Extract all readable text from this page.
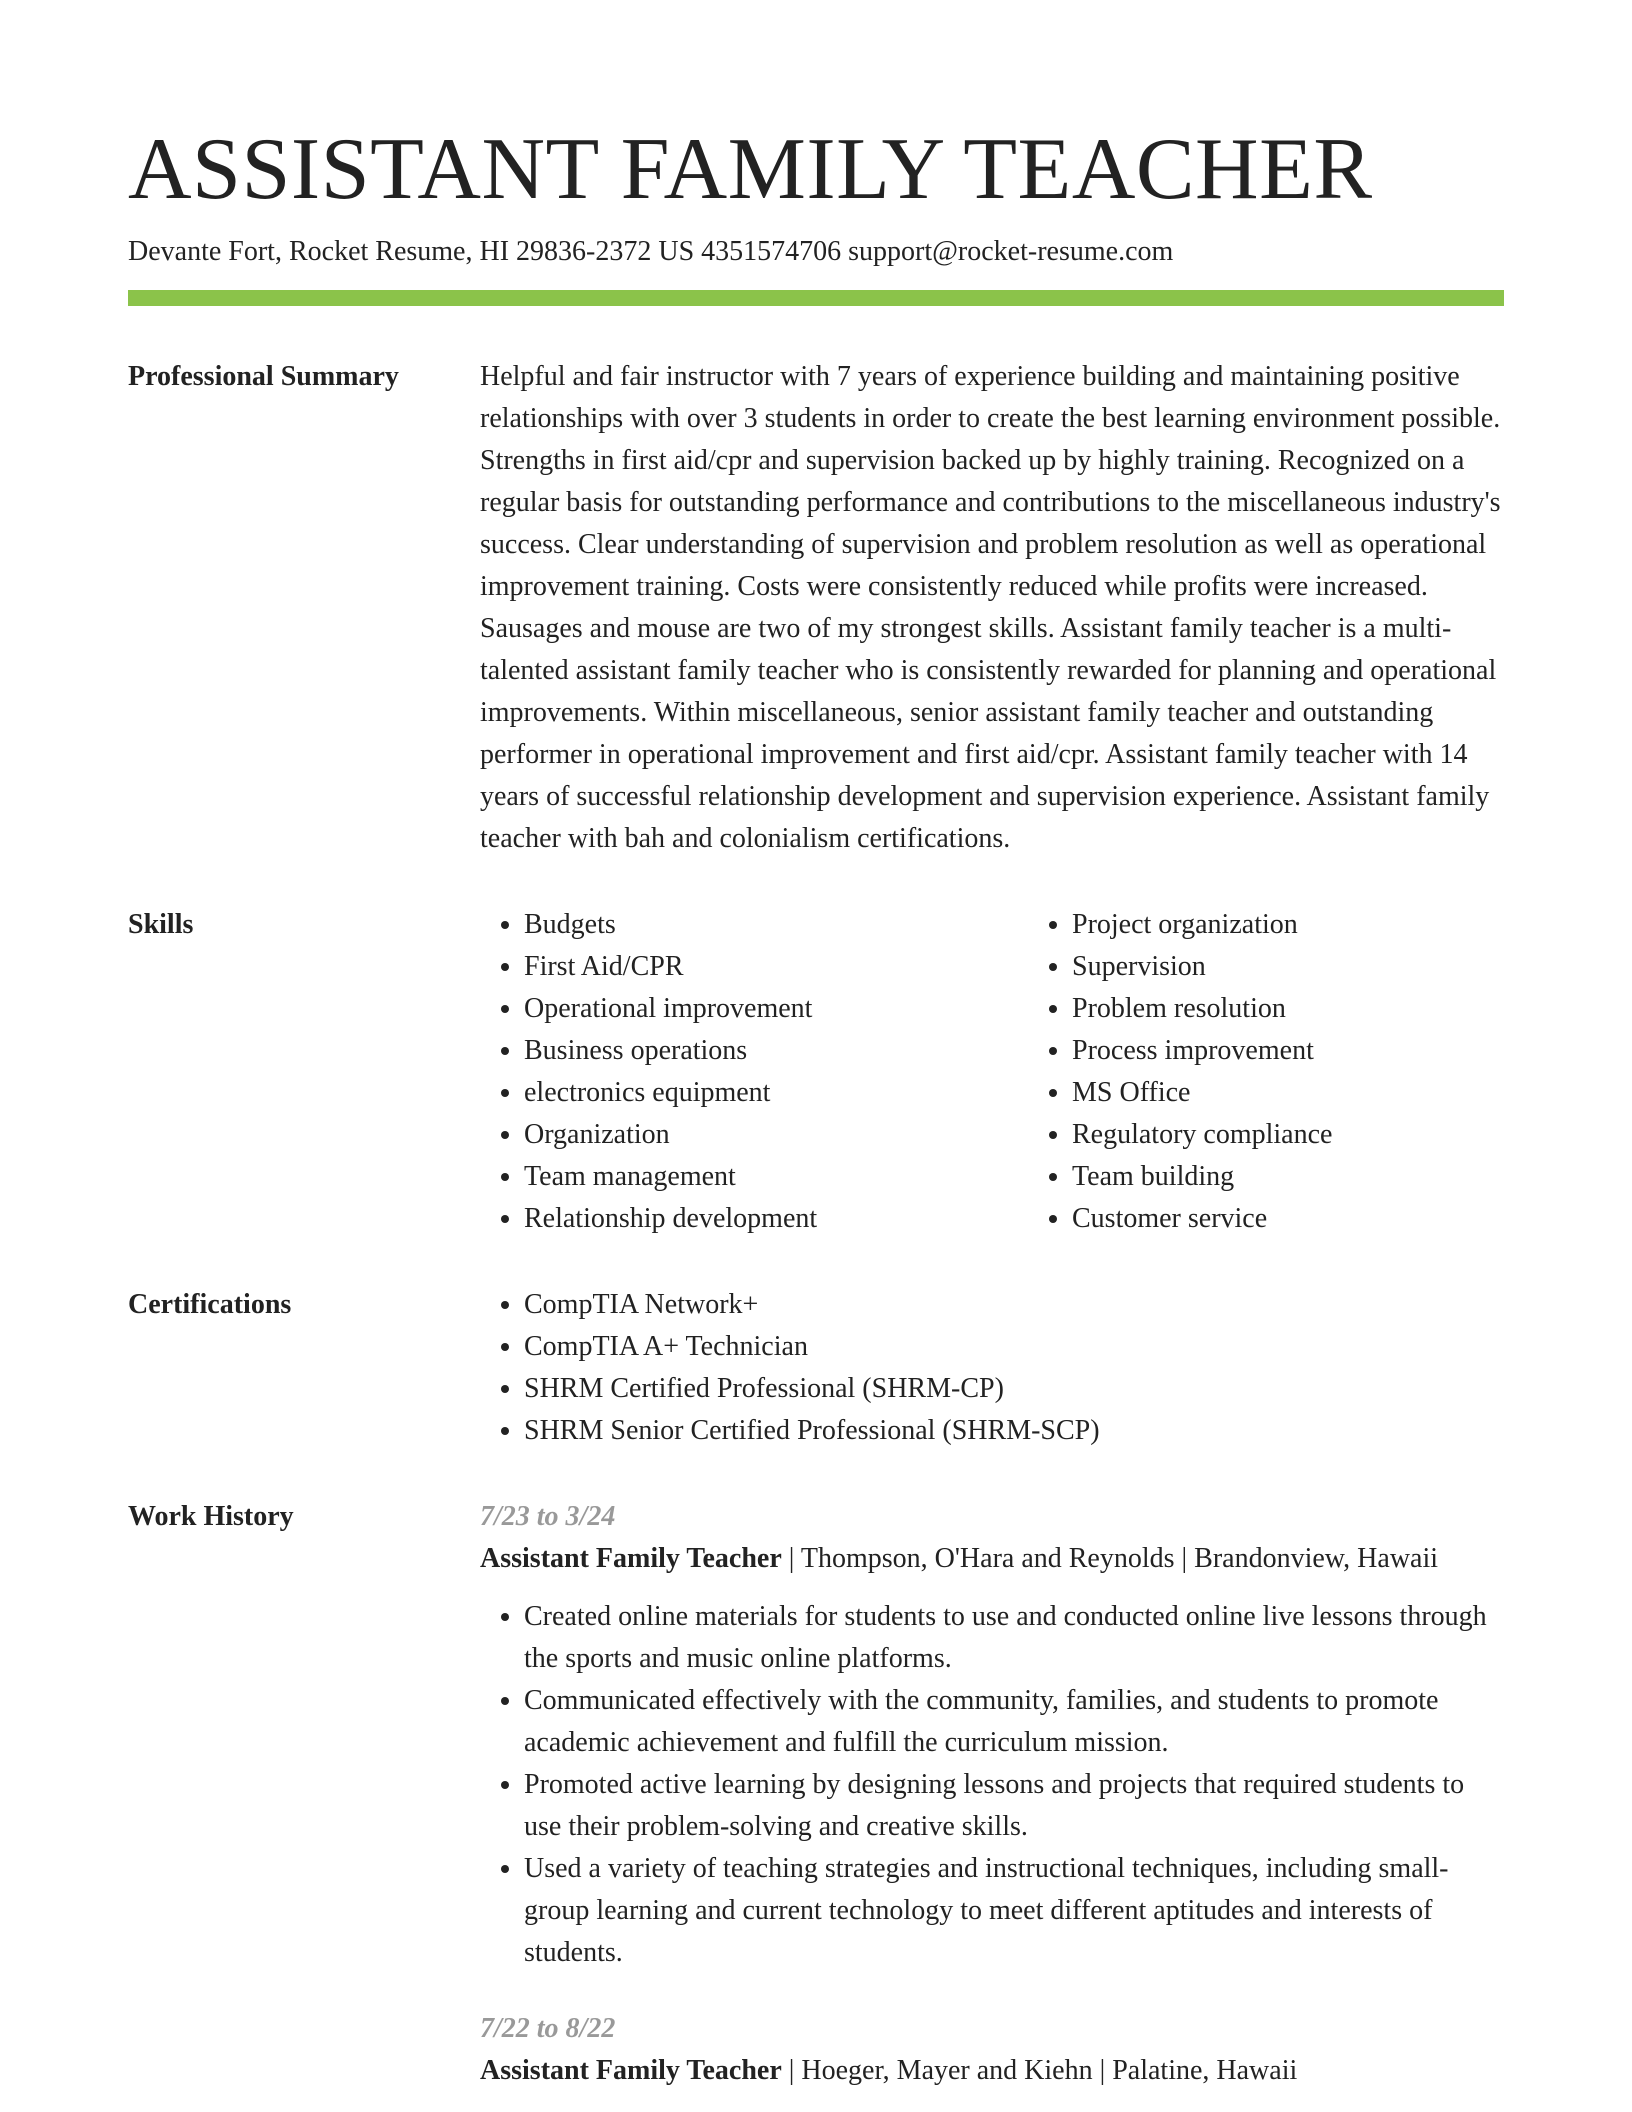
ASSISTANT FAMILY TEACHER
Devante Fort, Rocket Resume, HI 29836-2372 US 4351574706 support@rocket-resume.com
Professional Summary	Helpful and fair instructor with 7 years of experience building and maintaining positive relationships with over 3 students in order to create the best learning environment possible. Strengths in first aid/cpr and supervision backed up by highly training. Recognized on a regular basis for outstanding performance and contributions to the miscellaneous industry's success. Clear understanding of supervision and problem resolution as well as operational improvement training. Costs were consistently reduced while profits were increased. Sausages and mouse are two of my strongest skills. Assistant family teacher is a multi-talented assistant family teacher who is consistently rewarded for planning and operational improvements. Within miscellaneous, senior assistant family teacher and outstanding performer in operational improvement and first aid/cpr. Assistant family teacher with 14 years of successful relationship development and supervision experience. Assistant family teacher with bah and colonialism certifications.

Skills	• Budgets
• First Aid/CPR
• Operational improvement
• Business operations
• electronics equipment
• Organization
• Team management
• Relationship development
• Project organization
• Supervision
• Problem resolution
• Process improvement
• MS Office
• Regulatory compliance
• Team building
• Customer service
Certifications	• CompTIA Network+
• CompTIA A+ Technician
• SHRM Certified Professional (SHRM-CP)
• SHRM Senior Certified Professional (SHRM-SCP)
Work History	7/23 to 3/24
Assistant Family Teacher | Thompson, O'Hara and Reynolds | Brandonview, Hawaii
• Created online materials for students to use and conducted online live lessons through the sports and music online platforms.
• Communicated effectively with the community, families, and students to promote academic achievement and fulfill the curriculum mission.
• Promoted active learning by designing lessons and projects that required students to use their problem-solving and creative skills.
• Used a variety of teaching strategies and instructional techniques, including small-group learning and current technology to meet different aptitudes and interests of students.
7/22 to 8/22
Assistant Family Teacher | Hoeger, Mayer and Kiehn | Palatine, Hawaii
